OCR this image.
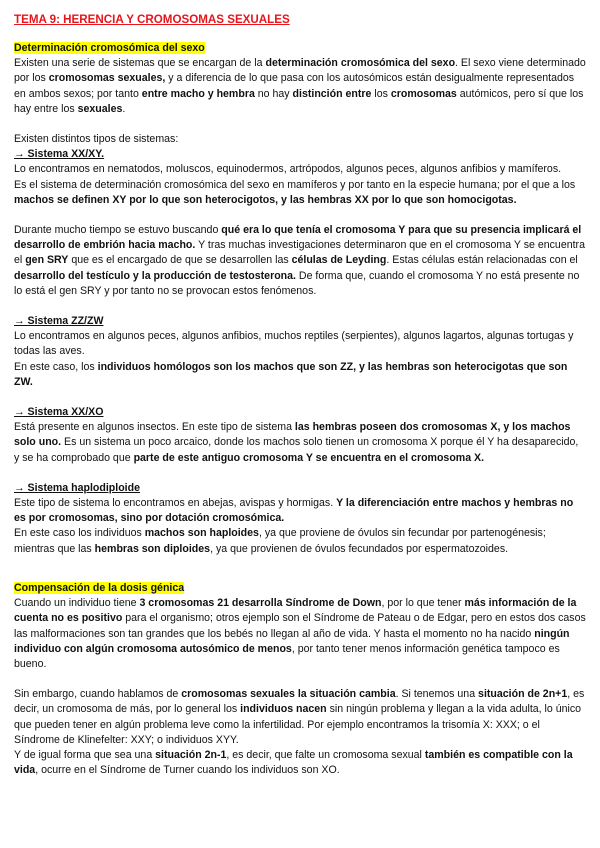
TEMA 9: HERENCIA Y CROMOSOMAS SEXUALES

Determinación cromosómica del sexo

Existen una serie de sistemas que se encargan de la determinación cromosómica del sexo. El sexo viene determinado por los cromosomas sexuales, y a diferencia de lo que pasa con los autosómicos están desigualmente representados en ambos sexos; por tanto entre macho y hembra no hay distinción entre los cromosomas autómicos, pero sí que los hay entre los sexuales.

Existen distintos tipos de sistemas:

→ Sistema XX/XY.

Lo encontramos en nematodos, moluscos, equinodermos, artrópodos, algunos peces, algunos anfibios y mamíferos.

Es el sistema de determinación cromosómica del sexo en mamíferos y por tanto en la especie humana; por el que a los machos se definen XY por lo que son heterocigotos, y las hembras XX por lo que son homocigotas.

Durante mucho tiempo se estuvo buscando qué era lo que tenía el cromosoma Y para que su presencia implicará el desarrollo de embrión hacia macho. Y tras muchas investigaciones determinaron que en el cromosoma Y se encuentra el gen SRY que es el encargado de que se desarrollen las células de Leyding. Estas células están relacionadas con el desarrollo del testículo y la producción de testosterona. De forma que, cuando el cromosoma Y no está presente no lo está el gen SRY y por tanto no se provocan estos fenómenos.

→ Sistema ZZ/ZW

Lo encontramos en algunos peces, algunos anfibios, muchos reptiles (serpientes), algunos lagartos, algunas tortugas y todas las aves.

En este caso, los individuos homólogos son los machos que son ZZ, y las hembras son heterocigotas que son ZW.

→ Sistema XX/XO

Está presente en algunos insectos. En este tipo de sistema las hembras poseen dos cromosomas X, y los machos solo uno. Es un sistema un poco arcaico, donde los machos solo tienen un cromosoma X porque él Y ha desaparecido, y se ha comprobado que parte de este antiguo cromosoma Y se encuentra en el cromosoma X.

→ Sistema haplodiploide

Este tipo de sistema lo encontramos en abejas, avispas y hormigas. Y la diferenciación entre machos y hembras no es por cromosomas, sino por dotación cromosómica.

En este caso los individuos machos son haploides, ya que proviene de óvulos sin fecundar por partenogénesis; mientras que las hembras son diploides, ya que provienen de óvulos fecundados por espermatozoides.

Compensación de la dosis génica

Cuando un individuo tiene 3 cromosomas 21 desarrolla Síndrome de Down, por lo que tener más información de la cuenta no es positivo para el organismo; otros ejemplo son el Síndrome de Pateau o de Edgar, pero en estos dos casos las malformaciones son tan grandes que los bebés no llegan al año de vida. Y hasta el momento no ha nacido ningún individuo con algún cromosoma autosómico de menos, por tanto tener menos información genética tampoco es bueno.

Sin embargo, cuando hablamos de cromosomas sexuales la situación cambia. Si tenemos una situación de 2n+1, es decir, un cromosoma de más, por lo general los individuos nacen sin ningún problema y llegan a la vida adulta, lo único que pueden tener en algún problema leve como la infertilidad. Por ejemplo encontramos la trisomía X: XXX; o el Síndrome de Klinefelter: XXY; o individuos XYY.

Y de igual forma que sea una situación 2n-1, es decir, que falte un cromosoma sexual también es compatible con la vida, ocurre en el Síndrome de Turner cuando los individuos son XO.
